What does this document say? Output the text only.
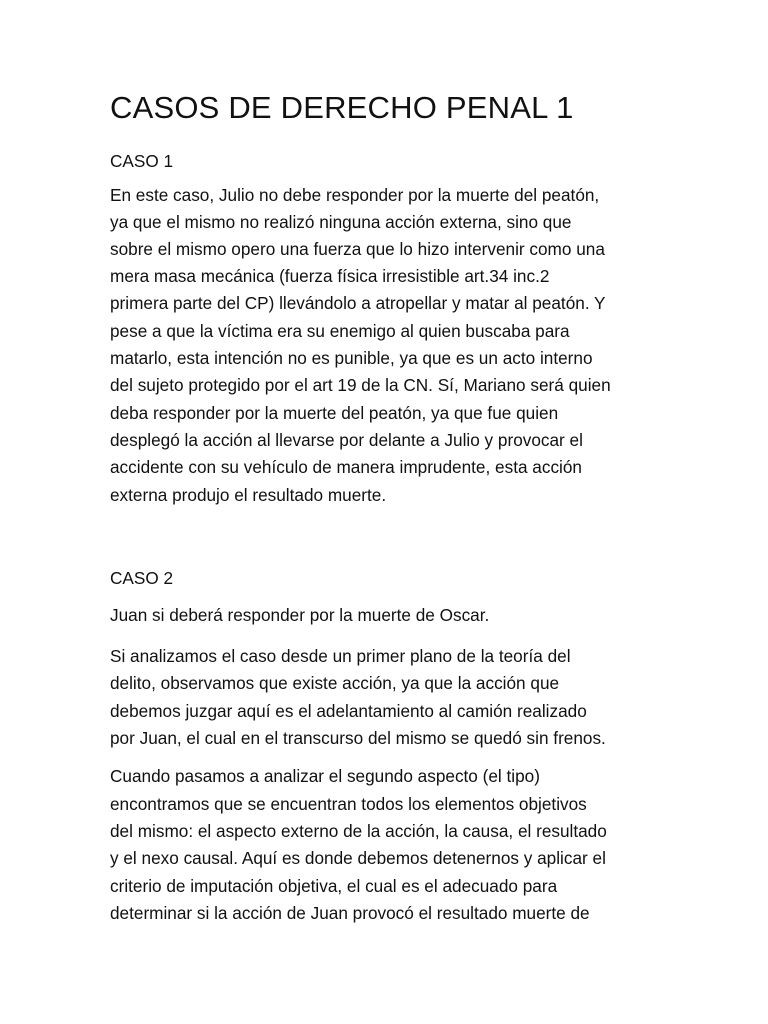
CASOS DE DERECHO PENAL 1
CASO 1
En este caso, Julio no debe responder por la muerte del peatón,
ya que el mismo no realizó ninguna acción externa, sino que
sobre el mismo opero una fuerza que lo hizo intervenir como una
mera masa mecánica (fuerza física irresistible art.34 inc.2
primera parte del CP) llevándolo a atropellar y matar al peatón. Y
pese a que la víctima era su enemigo al quien buscaba para
matarlo, esta intención no es punible, ya que es un acto interno
del sujeto protegido por el art 19 de la CN. Sí, Mariano será quien
deba responder por la muerte del peatón, ya que fue quien
desplegó la acción al llevarse por delante a Julio y provocar el
accidente con su vehículo de manera imprudente, esta acción
externa produjo el resultado muerte.
CASO 2
Juan si deberá responder por la muerte de Oscar.
Si analizamos el caso desde un primer plano de la teoría del
delito, observamos que existe acción, ya que la acción que
debemos juzgar aquí es el adelantamiento al camión realizado
por Juan, el cual en el transcurso del mismo se quedó sin frenos.
Cuando pasamos a analizar el segundo aspecto (el tipo)
encontramos que se encuentran todos los elementos objetivos
del mismo: el aspecto externo de la acción, la causa, el resultado
y el nexo causal. Aquí es donde debemos detenernos y aplicar el
criterio de imputación objetiva, el cual es el adecuado para
determinar si la acción de Juan provocó el resultado muerte de
